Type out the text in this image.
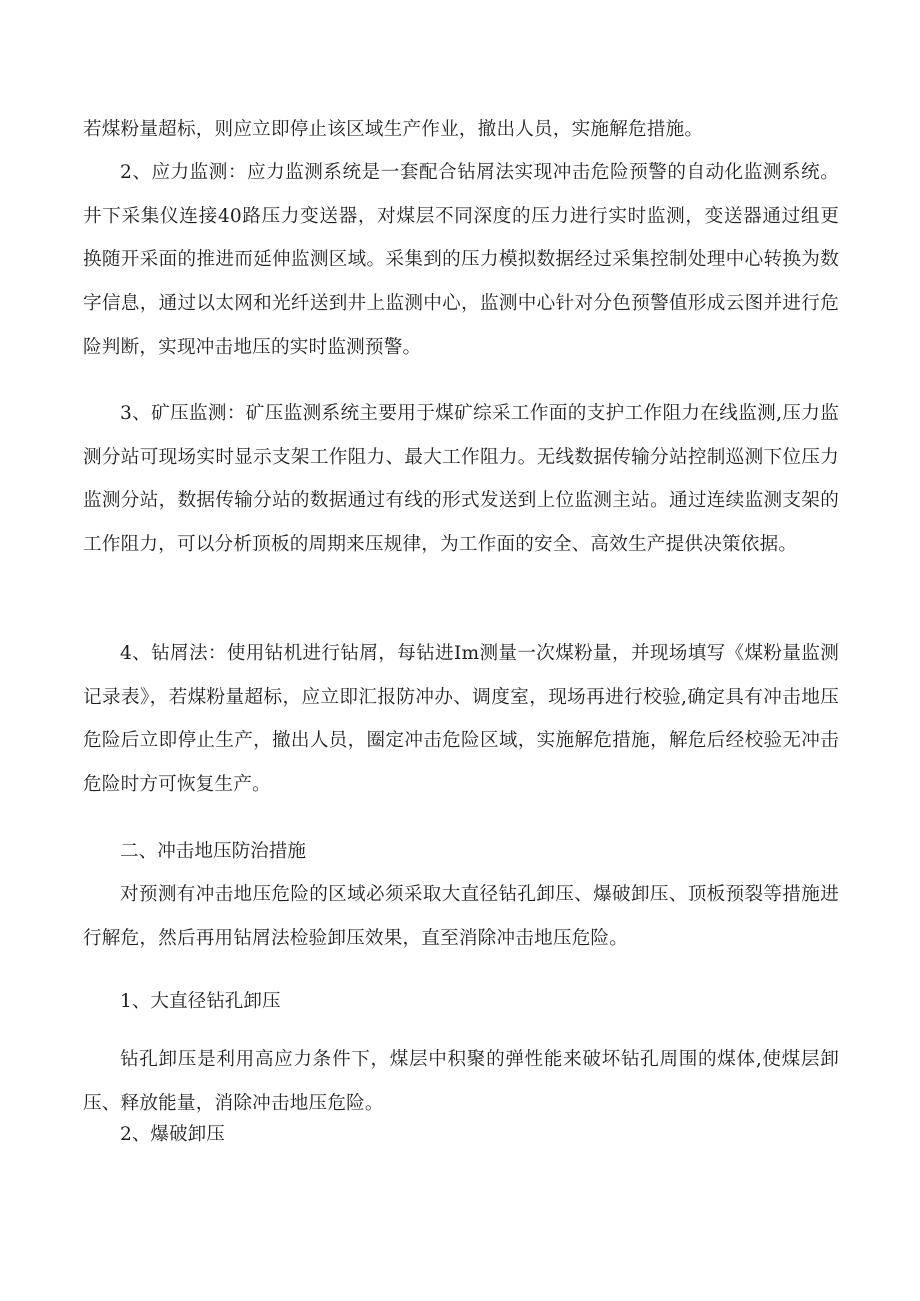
若煤粉量超标，则应立即停止该区域生产作业，撤出人员，实施解危措施。

2、应力监测：应力监测系统是一套配合钻屑法实现冲击危险预警的自动化监测系统。井下采集仪连接40路压力变送器，对煤层不同深度的压力进行实时监测，变送器通过组更换随开采面的推进而延伸监测区域。采集到的压力模拟数据经过采集控制处理中心转换为数字信息，通过以太网和光纤送到井上监测中心，监测中心针对分色预警值形成云图并进行危险判断，实现冲击地压的实时监测预警。

3、矿压监测：矿压监测系统主要用于煤矿综采工作面的支护工作阻力在线监测,压力监测分站可现场实时显示支架工作阻力、最大工作阻力。无线数据传输分站控制巡测下位压力监测分站，数据传输分站的数据通过有线的形式发送到上位监测主站。通过连续监测支架的工作阻力，可以分析顶板的周期来压规律，为工作面的安全、高效生产提供决策依据。

4、钻屑法：使用钻机进行钻屑，每钻进Im测量一次煤粉量，并现场填写《煤粉量监测记录表》，若煤粉量超标，应立即汇报防冲办、调度室，现场再进行校验,确定具有冲击地压危险后立即停止生产，撤出人员，圈定冲击危险区域，实施解危措施，解危后经校验无冲击危险时方可恢复生产。

二、冲击地压防治措施

对预测有冲击地压危险的区域必须采取大直径钻孔卸压、爆破卸压、顶板预裂等措施进行解危，然后再用钻屑法检验卸压效果，直至消除冲击地压危险。

1、大直径钻孔卸压

钻孔卸压是利用高应力条件下，煤层中积聚的弹性能来破坏钻孔周围的煤体,使煤层卸压、释放能量，消除冲击地压危险。

2、爆破卸压
